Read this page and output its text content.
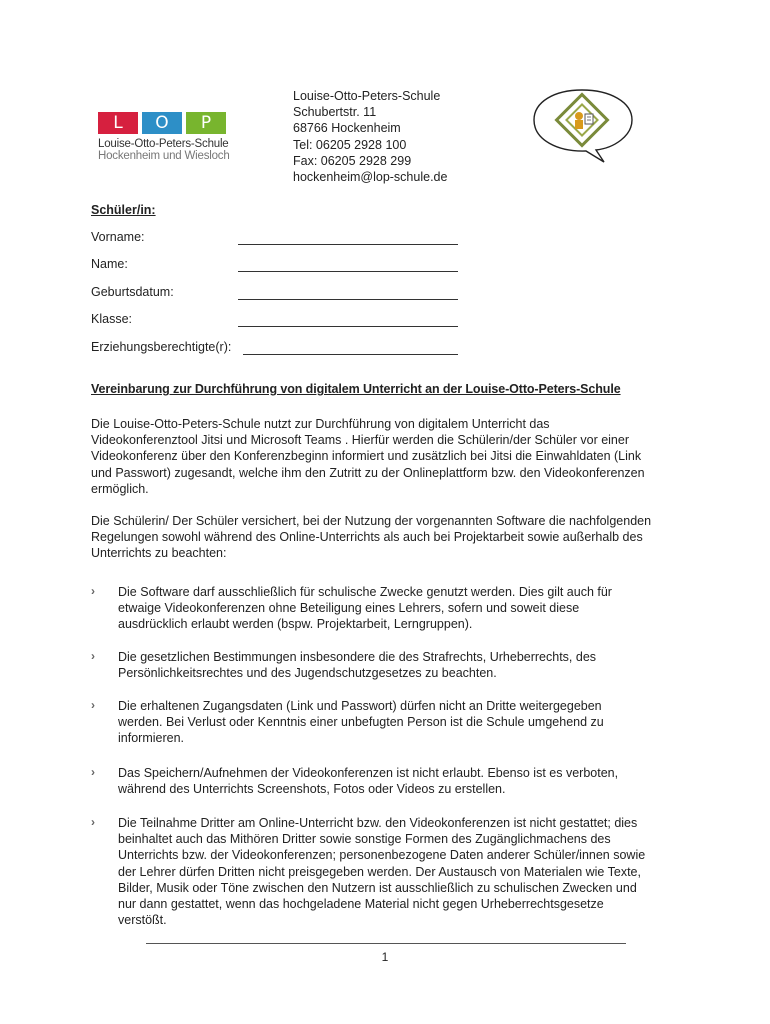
L	O	P
Louise-Otto-Peters-Schule
Hockenheim und Wiesloch
Louise-Otto-Peters-Schule
Schubertstr. 11
68766 Hockenheim
Tel: 06205 2928 100
Fax: 06205 2928 299
hockenheim@lop-schule.de
Schüler/in:
Vorname:
Name:
Geburtsdatum:
Klasse:
Erziehungsberechtigte(r):
Vereinbarung zur Durchführung von digitalem Unterricht an der Louise-Otto-Peters-Schule
Die Louise-Otto-Peters-Schule nutzt zur Durchführung von digitalem Unterricht das
Videokonferenztool Jitsi und Microsoft Teams . Hierfür werden die Schülerin/der Schüler vor einer
Videokonferenz über den Konferenzbeginn informiert und zusätzlich bei Jitsi die Einwahldaten (Link
und Passwort) zugesandt, welche ihm den Zutritt zu der Onlineplattform bzw. den Videokonferenzen
ermöglich.
Die Schülerin/ Der Schüler versichert, bei der Nutzung der vorgenannten Software die nachfolgenden
Regelungen sowohl während des Online-Unterrichts als auch bei Projektarbeit sowie außerhalb des
Unterrichts zu beachten:
› Die Software darf ausschließlich für schulische Zwecke genutzt werden. Dies gilt auch für
etwaige Videokonferenzen ohne Beteiligung eines Lehrers, sofern und soweit diese
ausdrücklich erlaubt werden (bspw. Projektarbeit, Lerngruppen).
› Die gesetzlichen Bestimmungen insbesondere die des Strafrechts, Urheberrechts, des
Persönlichkeitsrechtes und des Jugendschutzgesetzes zu beachten.
› Die erhaltenen Zugangsdaten (Link und Passwort) dürfen nicht an Dritte weitergegeben
werden. Bei Verlust oder Kenntnis einer unbefugten Person ist die Schule umgehend zu
informieren.
› Das Speichern/Aufnehmen der Videokonferenzen ist nicht erlaubt. Ebenso ist es verboten,
während des Unterrichts Screenshots, Fotos oder Videos zu erstellen.
› Die Teilnahme Dritter am Online-Unterricht bzw. den Videokonferenzen ist nicht gestattet; dies
beinhaltet auch das Mithören Dritter sowie sonstige Formen des Zugänglichmachens des
Unterrichts bzw. der Videokonferenzen; personenbezogene Daten anderer Schüler/innen sowie
der Lehrer dürfen Dritten nicht preisgegeben werden. Der Austausch von Materialen wie Texte,
Bilder, Musik oder Töne zwischen den Nutzern ist ausschließlich zu schulischen Zwecken und
nur dann gestattet, wenn das hochgeladene Material nicht gegen Urheberrechtsgesetze
verstößt.
1
